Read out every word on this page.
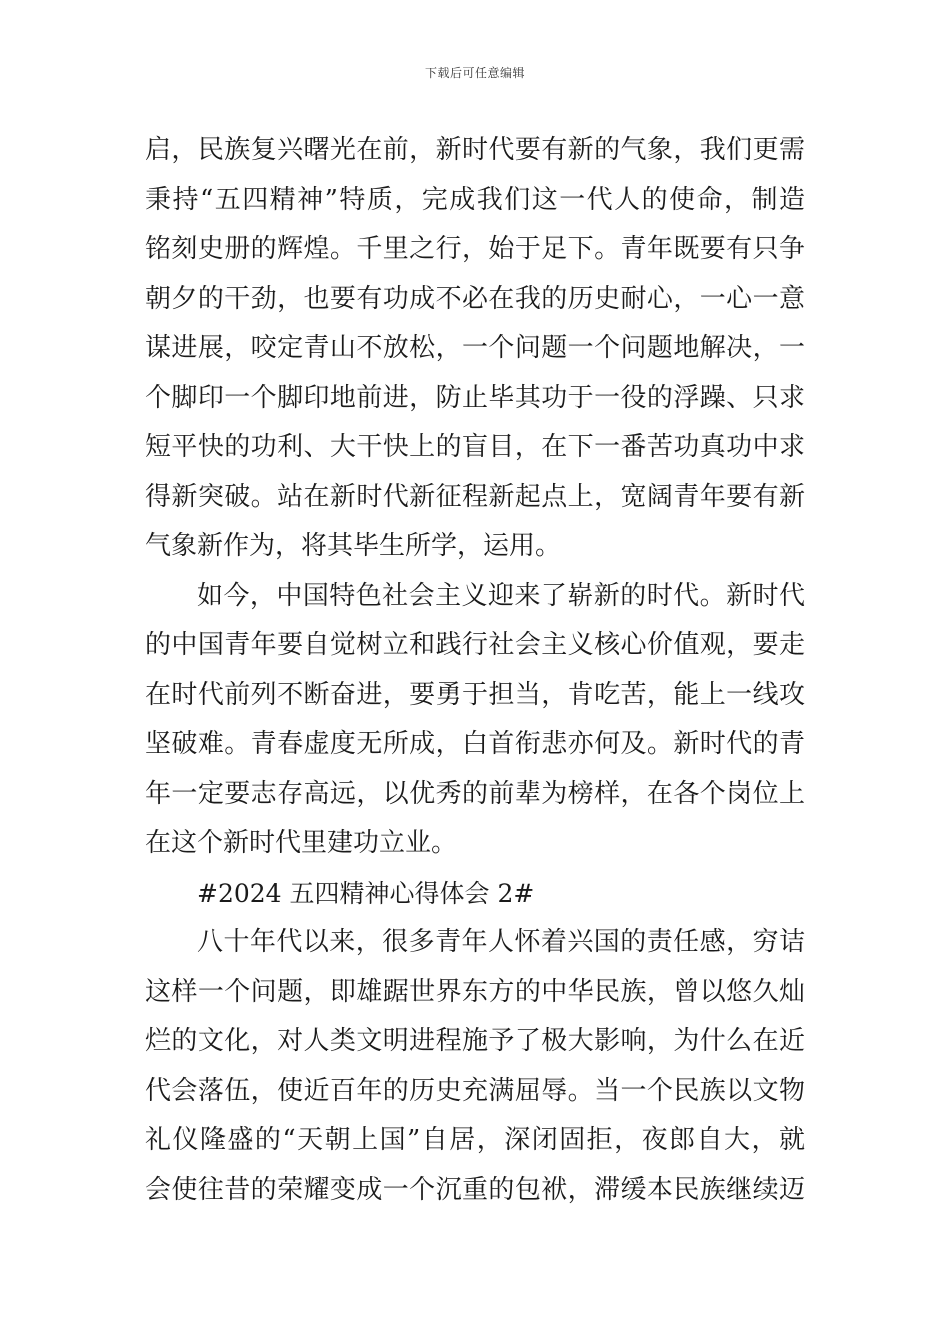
下载后可任意编辑
启，民族复兴曙光在前，新时代要有新的气象，我们更需
秉持“五四精神”特质，完成我们这一代人的使命，制造
铭刻史册的辉煌。千里之行，始于足下。青年既要有只争
朝夕的干劲，也要有功成不必在我的历史耐心，一心一意
谋进展，咬定青山不放松，一个问题一个问题地解决，一
个脚印一个脚印地前进，防止毕其功于一役的浮躁、只求
短平快的功利、大干快上的盲目，在下一番苦功真功中求
得新突破。站在新时代新征程新起点上，宽阔青年要有新
气象新作为，将其毕生所学，运用。
如今，中国特色社会主义迎来了崭新的时代。新时代
的中国青年要自觉树立和践行社会主义核心价值观，要走
在时代前列不断奋进，要勇于担当，肯吃苦，能上一线攻
坚破难。青春虚度无所成，白首衔悲亦何及。新时代的青
年一定要志存高远，以优秀的前辈为榜样，在各个岗位上
在这个新时代里建功立业。
#2024 五四精神心得体会 2#
八十年代以来，很多青年人怀着兴国的责任感，穷诘
这样一个问题，即雄踞世界东方的中华民族，曾以悠久灿
烂的文化，对人类文明进程施予了极大影响，为什么在近
代会落伍，使近百年的历史充满屈辱。当一个民族以文物
礼仪隆盛的“天朝上国”自居，深闭固拒，夜郎自大，就
会使往昔的荣耀变成一个沉重的包袱，滞缓本民族继续迈
